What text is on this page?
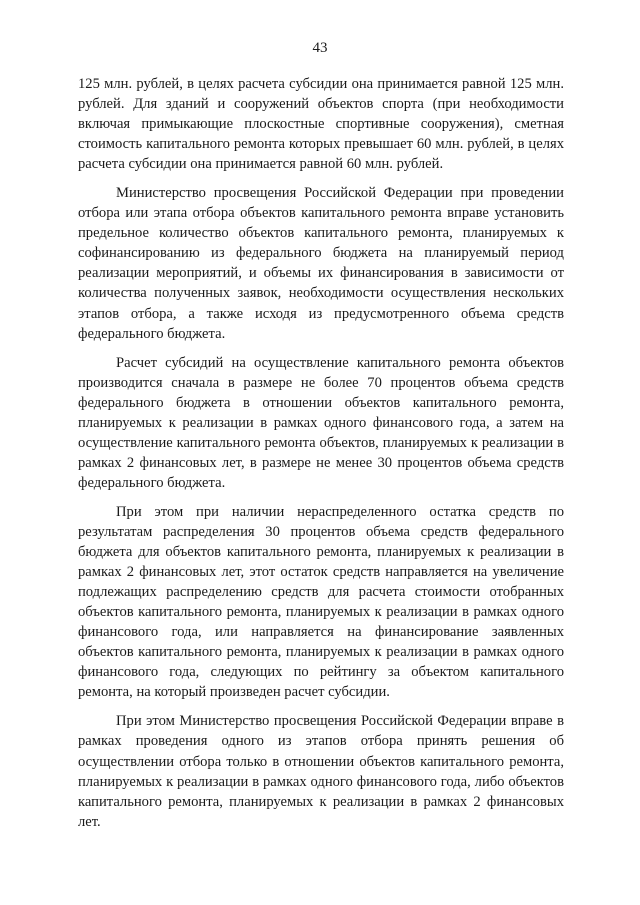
43

125 млн. рублей, в целях расчета субсидии она принимается равной 125 млн. рублей. Для зданий и сооружений объектов спорта (при необходимости включая примыкающие плоскостные спортивные сооружения), сметная стоимость капитального ремонта которых превышает 60 млн. рублей, в целях расчета субсидии она принимается равной 60 млн. рублей.

Министерство просвещения Российской Федерации при проведении отбора или этапа отбора объектов капитального ремонта вправе установить предельное количество объектов капитального ремонта, планируемых к софинансированию из федерального бюджета на планируемый период реализации мероприятий, и объемы их финансирования в зависимости от количества полученных заявок, необходимости осуществления нескольких этапов отбора, а также исходя из предусмотренного объема средств федерального бюджета.

Расчет субсидий на осуществление капитального ремонта объектов производится сначала в размере не более 70 процентов объема средств федерального бюджета в отношении объектов капитального ремонта, планируемых к реализации в рамках одного финансового года, а затем на осуществление капитального ремонта объектов, планируемых к реализации в рамках 2 финансовых лет, в размере не менее 30 процентов объема средств федерального бюджета.

При этом при наличии нераспределенного остатка средств по результатам распределения 30 процентов объема средств федерального бюджета для объектов капитального ремонта, планируемых к реализации в рамках 2 финансовых лет, этот остаток средств направляется на увеличение подлежащих распределению средств для расчета стоимости отобранных объектов капитального ремонта, планируемых к реализации в рамках одного финансового года, или направляется на финансирование заявленных объектов капитального ремонта, планируемых к реализации в рамках одного финансового года, следующих по рейтингу за объектом капитального ремонта, на который произведен расчет субсидии.

При этом Министерство просвещения Российской Федерации вправе в рамках проведения одного из этапов отбора принять решения об осуществлении отбора только в отношении объектов капитального ремонта, планируемых к реализации в рамках одного финансового года, либо объектов капитального ремонта, планируемых к реализации в рамках 2 финансовых лет.
